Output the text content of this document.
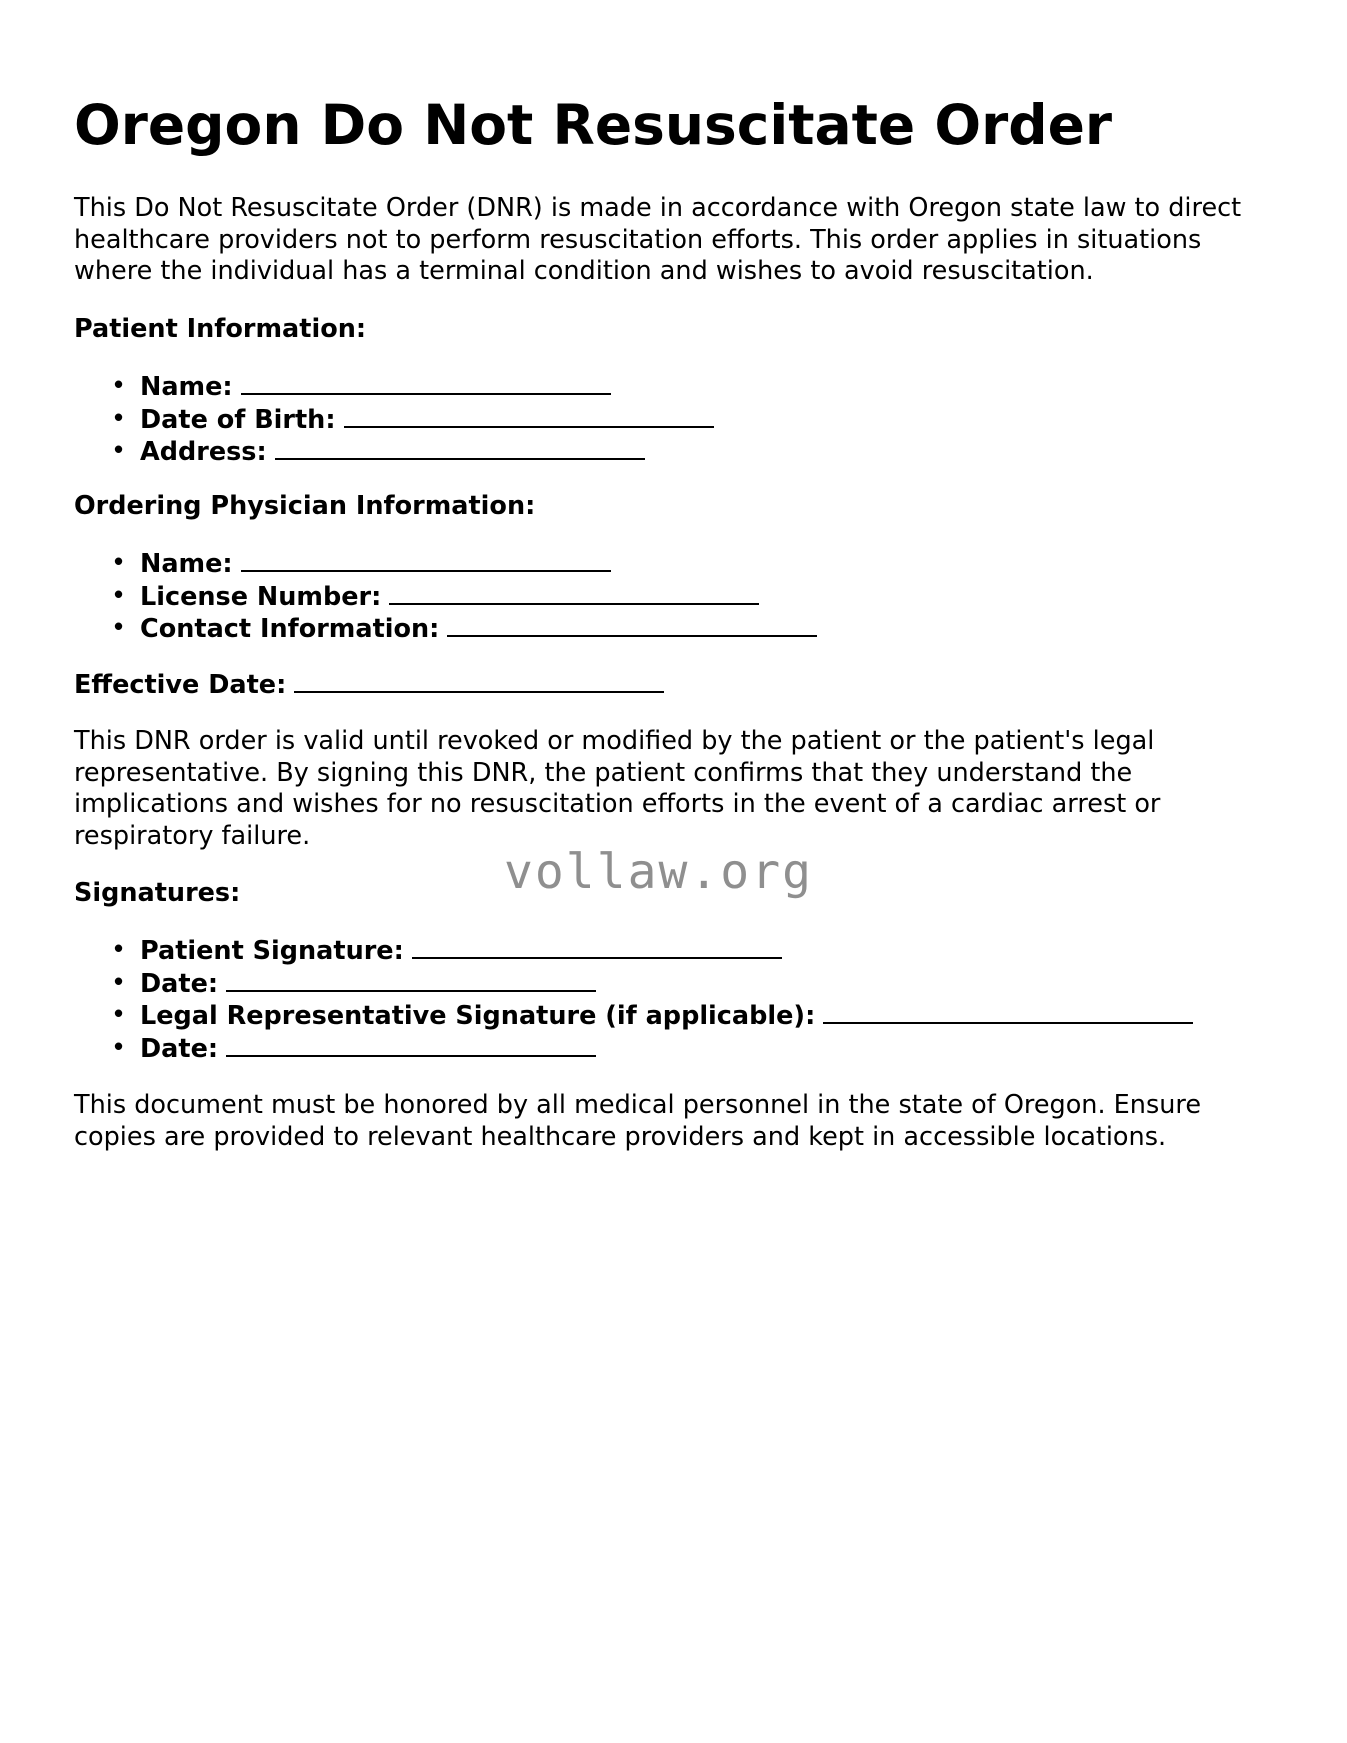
Oregon Do Not Resuscitate Order

This Do Not Resuscitate Order (DNR) is made in accordance with Oregon state law to direct healthcare providers not to perform resuscitation efforts. This order applies in situations where the individual has a terminal condition and wishes to avoid resuscitation.

Patient Information:
• Name:
• Date of Birth:
• Address:
Ordering Physician Information:
• Name:
• License Number:
• Contact Information:
Effective Date:

This DNR order is valid until revoked or modified by the patient or the patient's legal representative. By signing this DNR, the patient confirms that they understand the implications and wishes for no resuscitation efforts in the event of a cardiac arrest or respiratory failure.

Signatures:
• Patient Signature:
• Date:
• Legal Representative Signature (if applicable):
• Date:

This document must be honored by all medical personnel in the state of Oregon. Ensure copies are provided to relevant healthcare providers and kept in accessible locations.

vollaw.org
